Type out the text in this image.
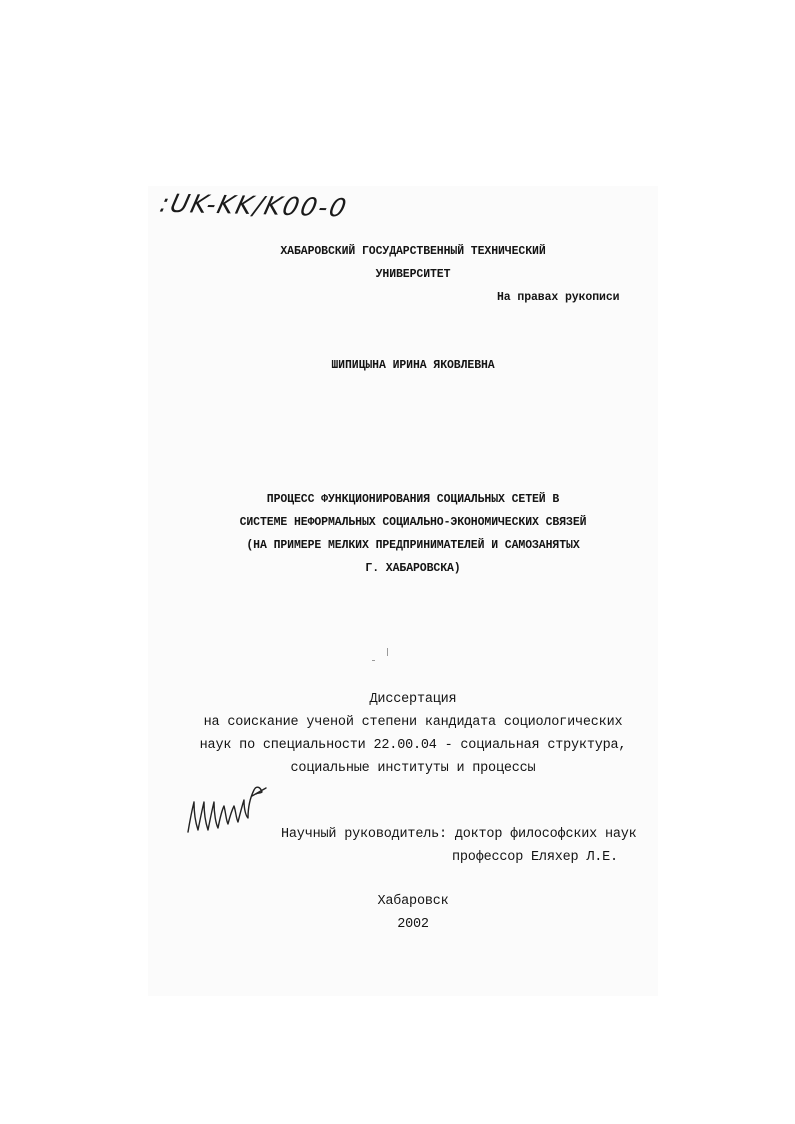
:UK-KK/K00-0
ХАБАРОВСКИЙ ГОСУДАРСТВЕННЫЙ ТЕХНИЧЕСКИЙ
УНИВЕРСИТЕТ
На правах рукописи
ШИПИЦЫНА ИРИНА ЯКОВЛЕВНА
ПРОЦЕСС ФУНКЦИОНИРОВАНИЯ СОЦИАЛЬНЫХ СЕТЕЙ В
СИСТЕМЕ НЕФОРМАЛЬНЫХ СОЦИАЛЬНО-ЭКОНОМИЧЕСКИХ СВЯЗЕЙ
(НА ПРИМЕРЕ МЕЛКИХ ПРЕДПРИНИМАТЕЛЕЙ И САМОЗАНЯТЫХ
Г. ХАБАРОВСКА)
Диссертация
на соискание ученой степени кандидата социологических
наук по специальности 22.00.04 - социальная структура,
социальные институты и процессы
Научный руководитель: доктор философских наук
профессор Еляхер Л.Е.
Хабаровск
2002
